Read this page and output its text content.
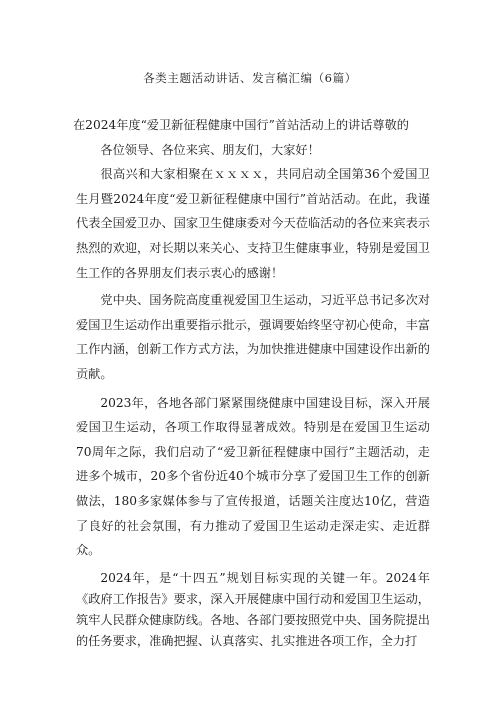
各类主题活动讲话、发言稿汇编（6篇）

在2024年度“爱卫新征程健康中国行”首站活动上的讲话尊敬的

各位领导、各位来宾、朋友们，大家好！

很高兴和大家相聚在ｘｘｘｘ，共同启动全国第36个爱国卫生月暨2024年度“爱卫新征程健康中国行”首站活动。在此，我谨代表全国爱卫办、国家卫生健康委对今天莅临活动的各位来宾表示热烈的欢迎，对长期以来关心、支持卫生健康事业，特别是爱国卫生工作的各界朋友们表示衷心的感谢！

党中央、国务院高度重视爱国卫生运动，习近平总书记多次对爱国卫生运动作出重要指示批示，强调要始终坚守初心使命，丰富工作内涵，创新工作方式方法，为加快推进健康中国建设作出新的贡献。

2023年，各地各部门紧紧围绕健康中国建设目标，深入开展爱国卫生运动，各项工作取得显著成效。特别是在爱国卫生运动70周年之际，我们启动了“爱卫新征程健康中国行”主题活动，走进多个城市，20多个省份近40个城市分享了爱国卫生工作的创新做法，180多家媒体参与了宣传报道，话题关注度达10亿，营造了良好的社会氛围，有力推动了爱国卫生运动走深走实、走近群众。

2024年，是“十四五”规划目标实现的关键一年。2024年《政府工作报告》要求，深入开展健康中国行动和爱国卫生运动，筑牢人民群众健康防线。各地、各部门要按照党中央、国务院提出的任务要求，准确把握、认真落实、扎实推进各项工作，全力打
